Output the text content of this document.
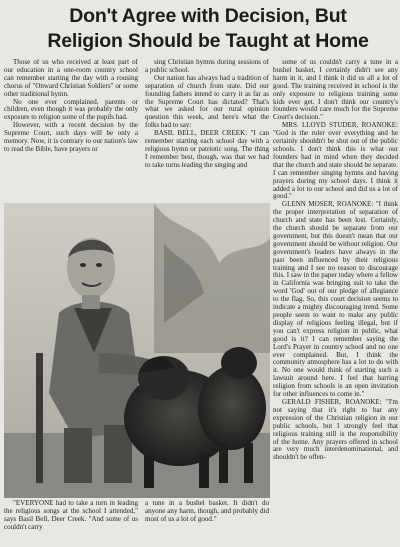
Don't Agree with Decision, But
Religion Should be Taught at Home

Those of us who received at least part of our education in a one-room country school can remember starting the day with a rousing chorus of "Onward Christian Soldiers" or some other traditional hymn.

No one ever complained, parents or children, even though it was probably the only exposure to religion some of the pupils had.

However, with a recent decision by the Supreme Court, such days will be only a memory. Now, it is contrary to our nation's law to read the Bible, have prayers or

sing Christian hymns during sessions of a public school.

Our nation has always had a tradition of separation of church from state. Did our founding fathers intend to carry it as far as the Supreme Court has dictated? That's what we asked for our rural opinion question this week, and here's what the folks had to say:

BASIL BELL, DEER CREEK: "I can remember starting each school day with a religious hymn or patriotic song. The thing I remember best, though, was that we had to take turns leading the singing and

some of us couldn't carry a tune in a bushel basket, I certainly didn't see any harm in it, and I think it did us all a lot of good. The training received in school is the only exposure to religious training some kids ever get. I don't think our country's founders would care much for the Supreme Court's decision."

MRS. LLOYD STUDER, ROANOKE: "God is the ruler over everything and he certainly shouldn't be shut out of the public schools. I don't think this is what our founders had in mind when they decided that the church and state should be separate. I can remember singing hymns and having prayers during my school days. I think it added a lot to our school and did us a lot of good."

GLENN MOSER, ROANOKE: "I think the proper interpretation of separation of church and state has been lost. Certainly, the church should be separate from our government, but this doesn't mean that our government should be without religion. Our government's leaders have always in the past been influenced by their religious training and I see no reason to discourage this. I saw in the paper today where a fellow in California was bringing suit to take the word 'God' out of our pledge of allegiance to the flag. So, this court decision seems to indicate a mighty discouraging trend. Some people seem to want to make any public display of religious feeling illegal, but if you can't express religion in public, what good is it? I can remember saying the Lord's Prayer in country school and no one ever complained. But, I think the community atmosphere has a lot to do with it. No one would think of starting such a lawsuit around here. I feel that barring religion from schools is an open invitation for other influences to come in."

GERALD FISHER, ROANOKE: "I'm not saying that it's right to bar any expression of the Christian religion in our public schools, but I strongly feel that religious training still is the responsibility of the home. Any prayers offered in school are very much interdenominational, and shouldn't be offen-

"EVERYONE had to take a turn in leading the religious songs at the school I attended," says Basil Bell, Deer Creek. "And some of us couldn't carry

a tune in a bushel basket. It didn't do anyone any harm, though, and probably did most of us a lot of good."
